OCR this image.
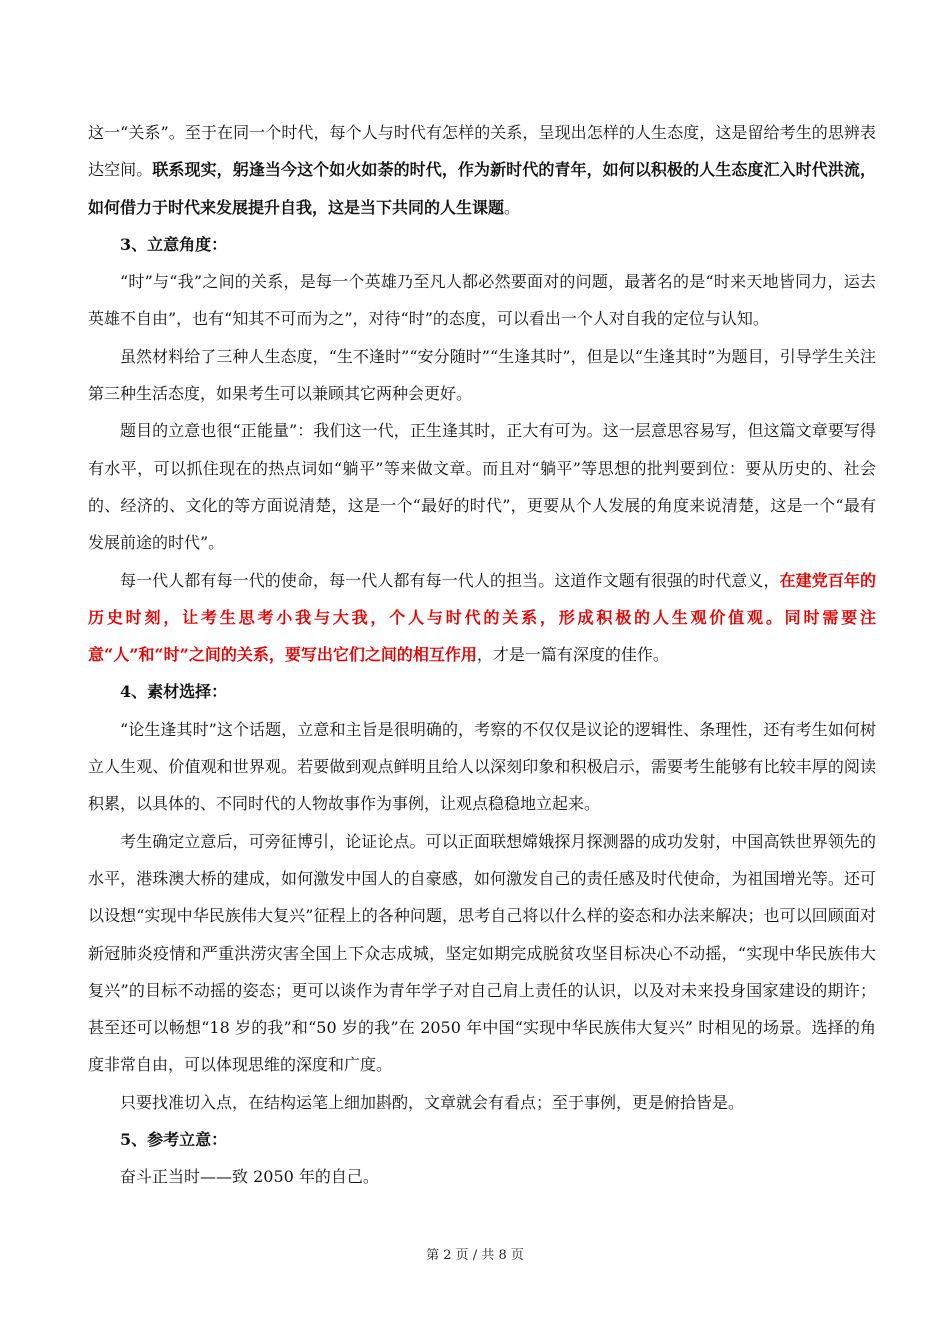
这一“关系”。至于在同一个时代，每个人与时代有怎样的关系，呈现出怎样的人生态度，这是留给考生的思辨表达空间。联系现实，躬逢当今这个如火如荼的时代，作为新时代的青年，如何以积极的人生态度汇入时代洪流，如何借力于时代来发展提升自我，这是当下共同的人生课题。

3、立意角度：

“时”与“我”之间的关系，是每一个英雄乃至凡人都必然要面对的问题，最著名的是“时来天地皆同力，运去英雄不自由”，也有“知其不可而为之”，对待“时”的态度，可以看出一个人对自我的定位与认知。

虽然材料给了三种人生态度，“生不逢时”“安分随时”“生逢其时”，但是以“生逢其时”为题目，引导学生关注第三种生活态度，如果考生可以兼顾其它两种会更好。

题目的立意也很“正能量”：我们这一代，正生逢其时，正大有可为。这一层意思容易写，但这篇文章要写得有水平，可以抓住现在的热点词如“躺平”等来做文章。而且对“躺平”等思想的批判要到位：要从历史的、社会的、经济的、文化的等方面说清楚，这是一个“最好的时代”，更要从个人发展的角度来说清楚，这是一个“最有发展前途的时代”。

每一代人都有每一代的使命，每一代人都有每一代人的担当。这道作文题有很强的时代意义，在建党百年的历史时刻，让考生思考小我与大我，个人与时代的关系，形成积极的人生观价值观。同时需要注意“人”和“时”之间的关系，要写出它们之间的相互作用，才是一篇有深度的佳作。

4、素材选择：

“论生逢其时”这个话题，立意和主旨是很明确的，考察的不仅仅是议论的逻辑性、条理性，还有考生如何树立人生观、价值观和世界观。若要做到观点鲜明且给人以深刻印象和积极启示，需要考生能够有比较丰厚的阅读积累，以具体的、不同时代的人物故事作为事例，让观点稳稳地立起来。

考生确定立意后，可旁征博引，论证论点。可以正面联想嫦娥探月探测器的成功发射，中国高铁世界领先的水平，港珠澳大桥的建成，如何激发中国人的自豪感，如何激发自己的责任感及时代使命，为祖国增光等。还可以设想“实现中华民族伟大复兴”征程上的各种问题，思考自己将以什么样的姿态和办法来解决；也可以回顾面对新冠肺炎疫情和严重洪涝灾害全国上下众志成城，坚定如期完成脱贫攻坚目标决心不动摇，“实现中华民族伟大复兴”的目标不动摇的姿态；更可以谈作为青年学子对自己肩上责任的认识，以及对未来投身国家建设的期许；甚至还可以畅想“18 岁的我”和“50 岁的我”在 2050 年中国“实现中华民族伟大复兴” 时相见的场景。选择的角度非常自由，可以体现思维的深度和广度。

只要找准切入点，在结构运笔上细加斟酌，文章就会有看点；至于事例，更是俯拾皆是。

5、参考立意：

奋斗正当时——致 2050 年的自己。

第 2 页 / 共 8 页
